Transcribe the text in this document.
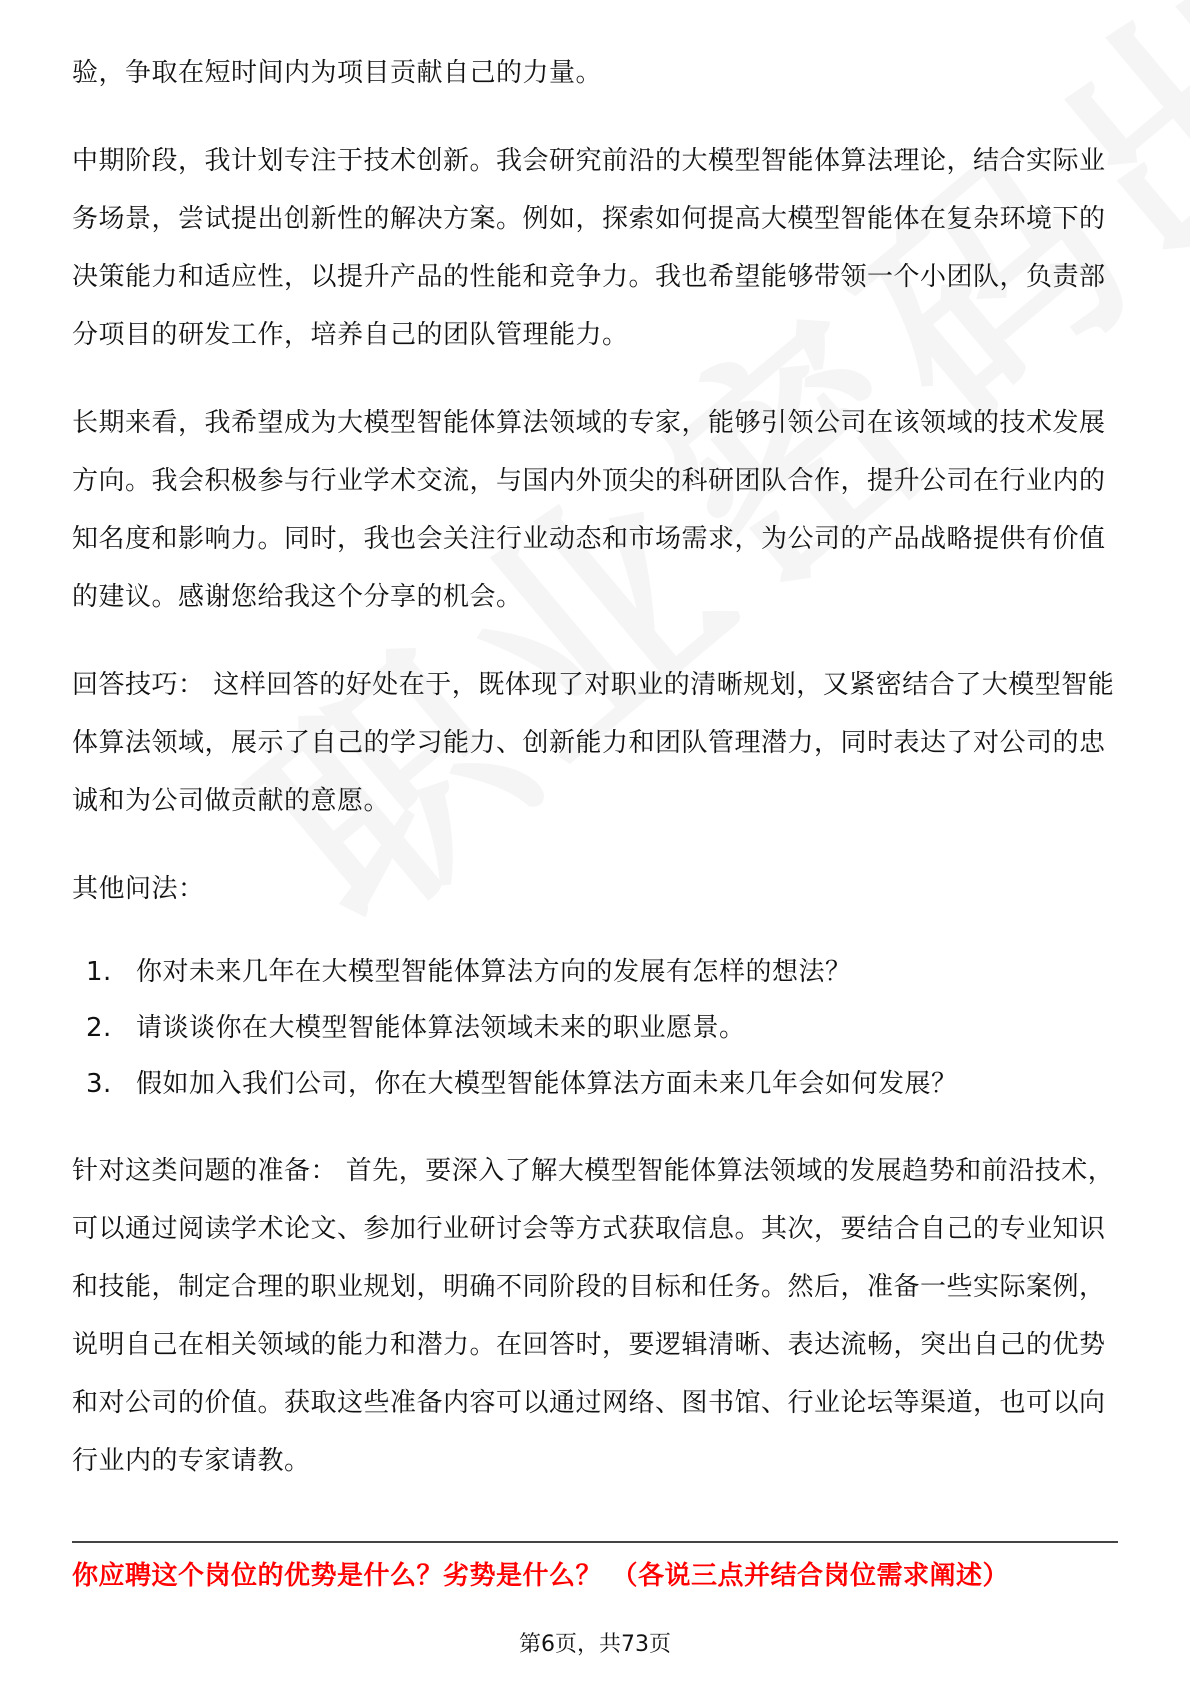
验，争取在短时间内为项目贡献自己的力量。

中期阶段，我计划专注于技术创新。我会研究前沿的大模型智能体算法理论，结合实际业务场景，尝试提出创新性的解决方案。例如，探索如何提高大模型智能体在复杂环境下的决策能力和适应性，以提升产品的性能和竞争力。我也希望能够带领一个小团队，负责部分项目的研发工作，培养自己的团队管理能力。

长期来看，我希望成为大模型智能体算法领域的专家，能够引领公司在该领域的技术发展方向。我会积极参与行业学术交流，与国内外顶尖的科研团队合作，提升公司在行业内的知名度和影响力。同时，我也会关注行业动态和市场需求，为公司的产品战略提供有价值的建议。感谢您给我这个分享的机会。

回答技巧： 这样回答的好处在于，既体现了对职业的清晰规划，又紧密结合了大模型智能体算法领域，展示了自己的学习能力、创新能力和团队管理潜力，同时表达了对公司的忠诚和为公司做贡献的意愿。

其他问法：

1. 你对未来几年在大模型智能体算法方向的发展有怎样的想法？
2. 请谈谈你在大模型智能体算法领域未来的职业愿景。
3. 假如加入我们公司，你在大模型智能体算法方面未来几年会如何发展？

针对这类问题的准备： 首先，要深入了解大模型智能体算法领域的发展趋势和前沿技术，可以通过阅读学术论文、参加行业研讨会等方式获取信息。其次，要结合自己的专业知识和技能，制定合理的职业规划，明确不同阶段的目标和任务。然后，准备一些实际案例，说明自己在相关领域的能力和潜力。在回答时，要逻辑清晰、表达流畅，突出自己的优势和对公司的价值。获取这些准备内容可以通过网络、图书馆、行业论坛等渠道，也可以向行业内的专家请教。

你应聘这个岗位的优势是什么？劣势是什么？ （各说三点并结合岗位需求阐述）
第6页，共73页
